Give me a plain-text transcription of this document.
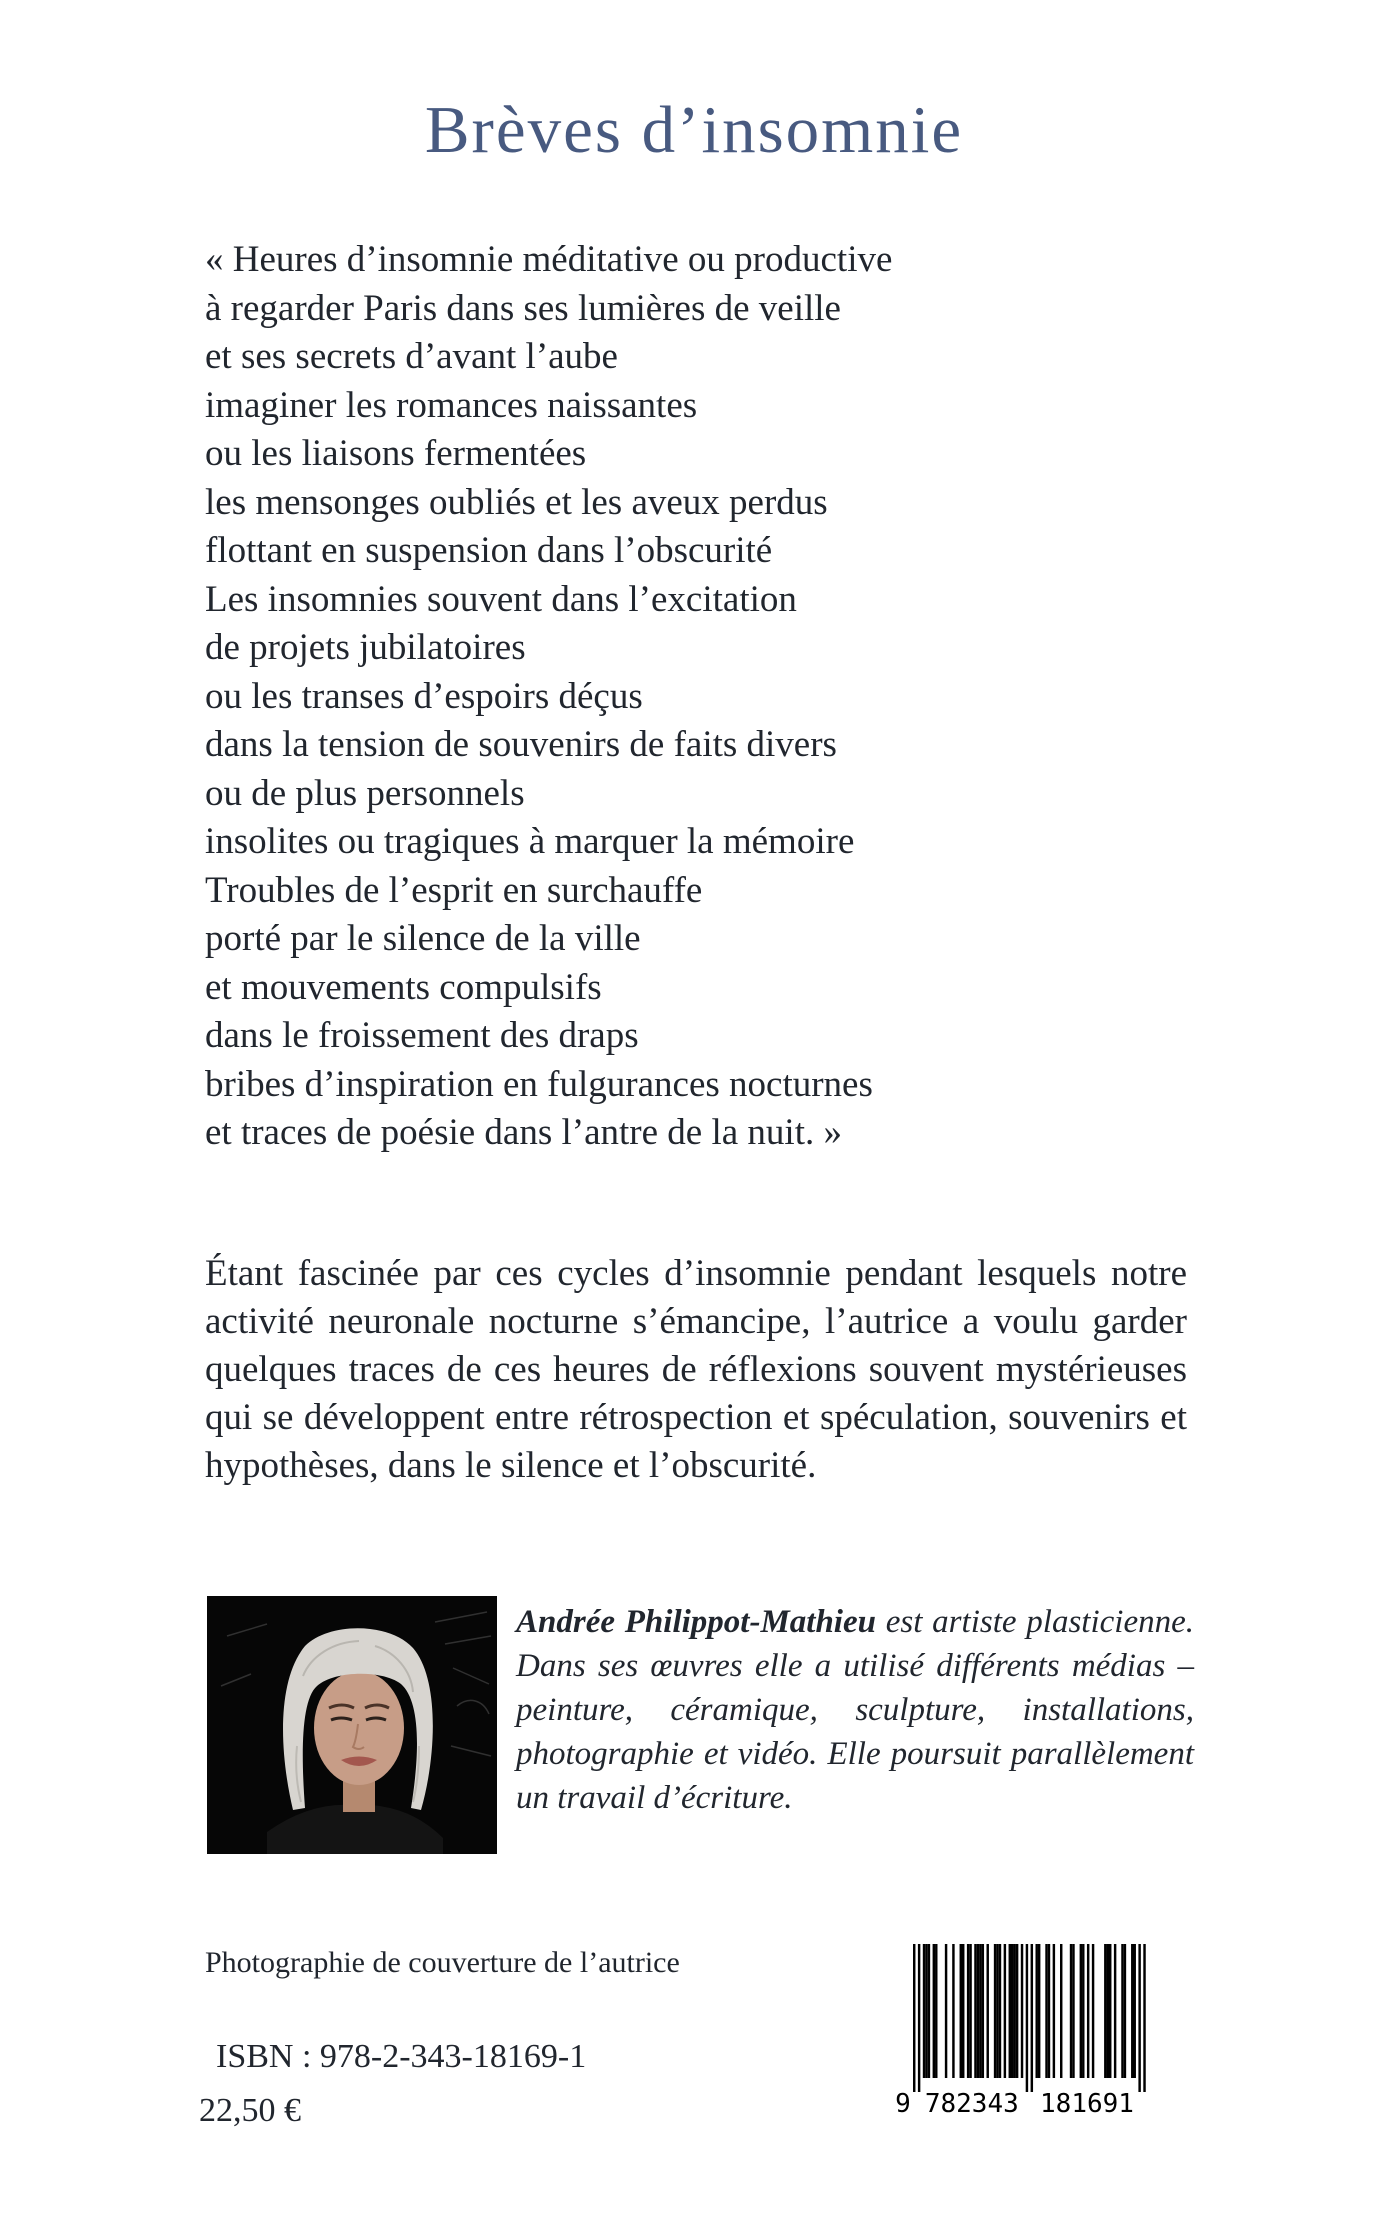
Brèves d’insomnie
« Heures d’insomnie méditative ou productive
à regarder Paris dans ses lumières de veille
et ses secrets d’avant l’aube
imaginer les romances naissantes
ou les liaisons fermentées
les mensonges oubliés et les aveux perdus
flottant en suspension dans l’obscurité
Les insomnies souvent dans l’excitation
de projets jubilatoires
ou les transes d’espoirs déçus
dans la tension de souvenirs de faits divers
ou de plus personnels
insolites ou tragiques à marquer la mémoire
Troubles de l’esprit en surchauffe
porté par le silence de la ville
et mouvements compulsifs
dans le froissement des draps
bribes d’inspiration en fulgurances nocturnes
et traces de poésie dans l’antre de la nuit. »

Étant fascinée par ces cycles d’insomnie pendant lesquels notre activité neuronale nocturne s’émancipe, l’autrice a voulu garder quelques traces de ces heures de réflexions souvent mystérieuses qui se développent entre rétrospection et spéculation, souvenirs et hypothèses, dans le silence et l’obscurité.

Andrée Philippot-Mathieu est artiste plasticienne. Dans ses œuvres elle a utilisé différents médias – peinture, céramique, sculpture, installations, photographie et vidéo. Elle poursuit parallèlement un travail d’écriture.

Photographie de couverture de l’autrice

ISBN : 978-2-343-18169-1

22,50 €	9 782343 181691
